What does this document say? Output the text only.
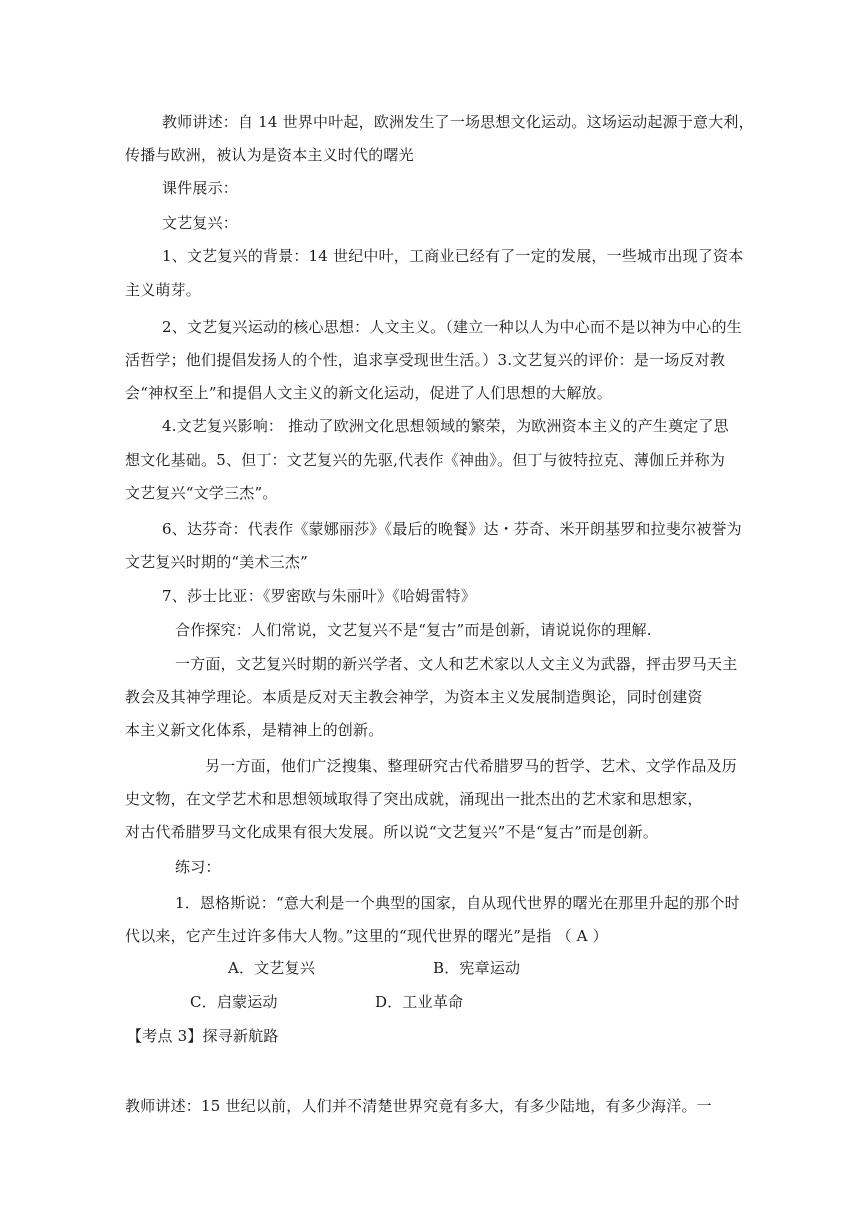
教师讲述：自 14 世界中叶起，欧洲发生了一场思想文化运动。这场运动起源于意大利，
传播与欧洲，被认为是资本主义时代的曙光
课件展示：
文艺复兴：
1、文艺复兴的背景：14 世纪中叶，工商业已经有了一定的发展，一些城市出现了资本
主义萌芽。
2、文艺复兴运动的核心思想：人文主义。（建立一种以人为中心而不是以神为中心的生
活哲学；他们提倡发扬人的个性，追求享受现世生活。）3.文艺复兴的评价：是一场反对教
会“神权至上”和提倡人文主义的新文化运动，促进了人们思想的大解放。
4.文艺复兴影响： 推动了欧洲文化思想领域的繁荣，为欧洲资本主义的产生奠定了思
想文化基础。5、但丁：文艺复兴的先驱,代表作《神曲》。但丁与彼特拉克、薄伽丘并称为
文艺复兴“文学三杰”。
6、达芬奇：代表作《蒙娜丽莎》《最后的晚餐》达・芬奇、米开朗基罗和拉斐尔被誉为
文艺复兴时期的“美术三杰”
7、莎士比亚：《罗密欧与朱丽叶》《哈姆雷特》
合作探究：人们常说，文艺复兴不是“复古”而是创新，请说说你的理解.
一方面，文艺复兴时期的新兴学者、文人和艺术家以人文主义为武器，抨击罗马天主
教会及其神学理论。本质是反对天主教会神学，为资本主义发展制造舆论，同时创建资
本主义新文化体系，是精神上的创新。
另一方面，他们广泛搜集、整理研究古代希腊罗马的哲学、艺术、文学作品及历
史文物，在文学艺术和思想领域取得了突出成就，涌现出一批杰出的艺术家和思想家，
对古代希腊罗马文化成果有很大发展。所以说“文艺复兴”不是“复古”而是创新。
练习：
1．恩格斯说：“意大利是一个典型的国家，自从现代世界的曙光在那里升起的那个时
代以来，它产生过许多伟大人物。”这里的“现代世界的曙光”是指 （ A ）
A．文艺复兴	B．宪章运动
C．启蒙运动	D．工业革命
【考点 3】探寻新航路
教师讲述：15 世纪以前，人们并不清楚世界究竟有多大，有多少陆地，有多少海洋。一
